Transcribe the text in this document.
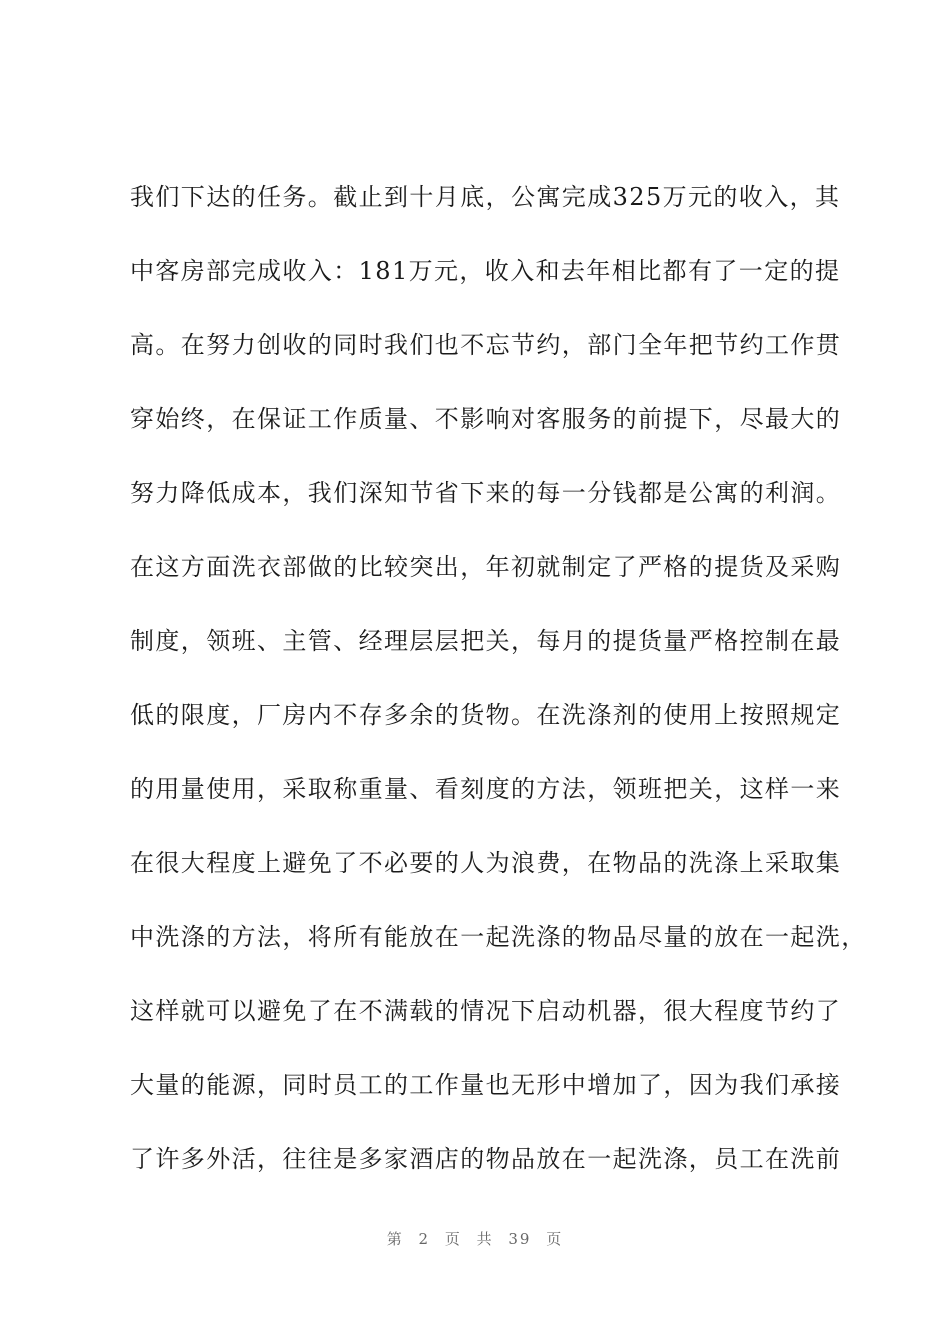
我们下达的任务。截止到十月底，公寓完成325万元的收入，其
中客房部完成收入：181万元，收入和去年相比都有了一定的提
高。在努力创收的同时我们也不忘节约，部门全年把节约工作贯
穿始终，在保证工作质量、不影响对客服务的前提下，尽最大的
努力降低成本，我们深知节省下来的每一分钱都是公寓的利润。
在这方面洗衣部做的比较突出，年初就制定了严格的提货及采购
制度，领班、主管、经理层层把关，每月的提货量严格控制在最
低的限度，厂房内不存多余的货物。在洗涤剂的使用上按照规定
的用量使用，采取称重量、看刻度的方法，领班把关，这样一来
在很大程度上避免了不必要的人为浪费，在物品的洗涤上采取集
中洗涤的方法，将所有能放在一起洗涤的物品尽量的放在一起洗，
这样就可以避免了在不满载的情况下启动机器，很大程度节约了
大量的能源，同时员工的工作量也无形中增加了，因为我们承接
了许多外活，往往是多家酒店的物品放在一起洗涤，员工在洗前
第 2 页 共 39 页
